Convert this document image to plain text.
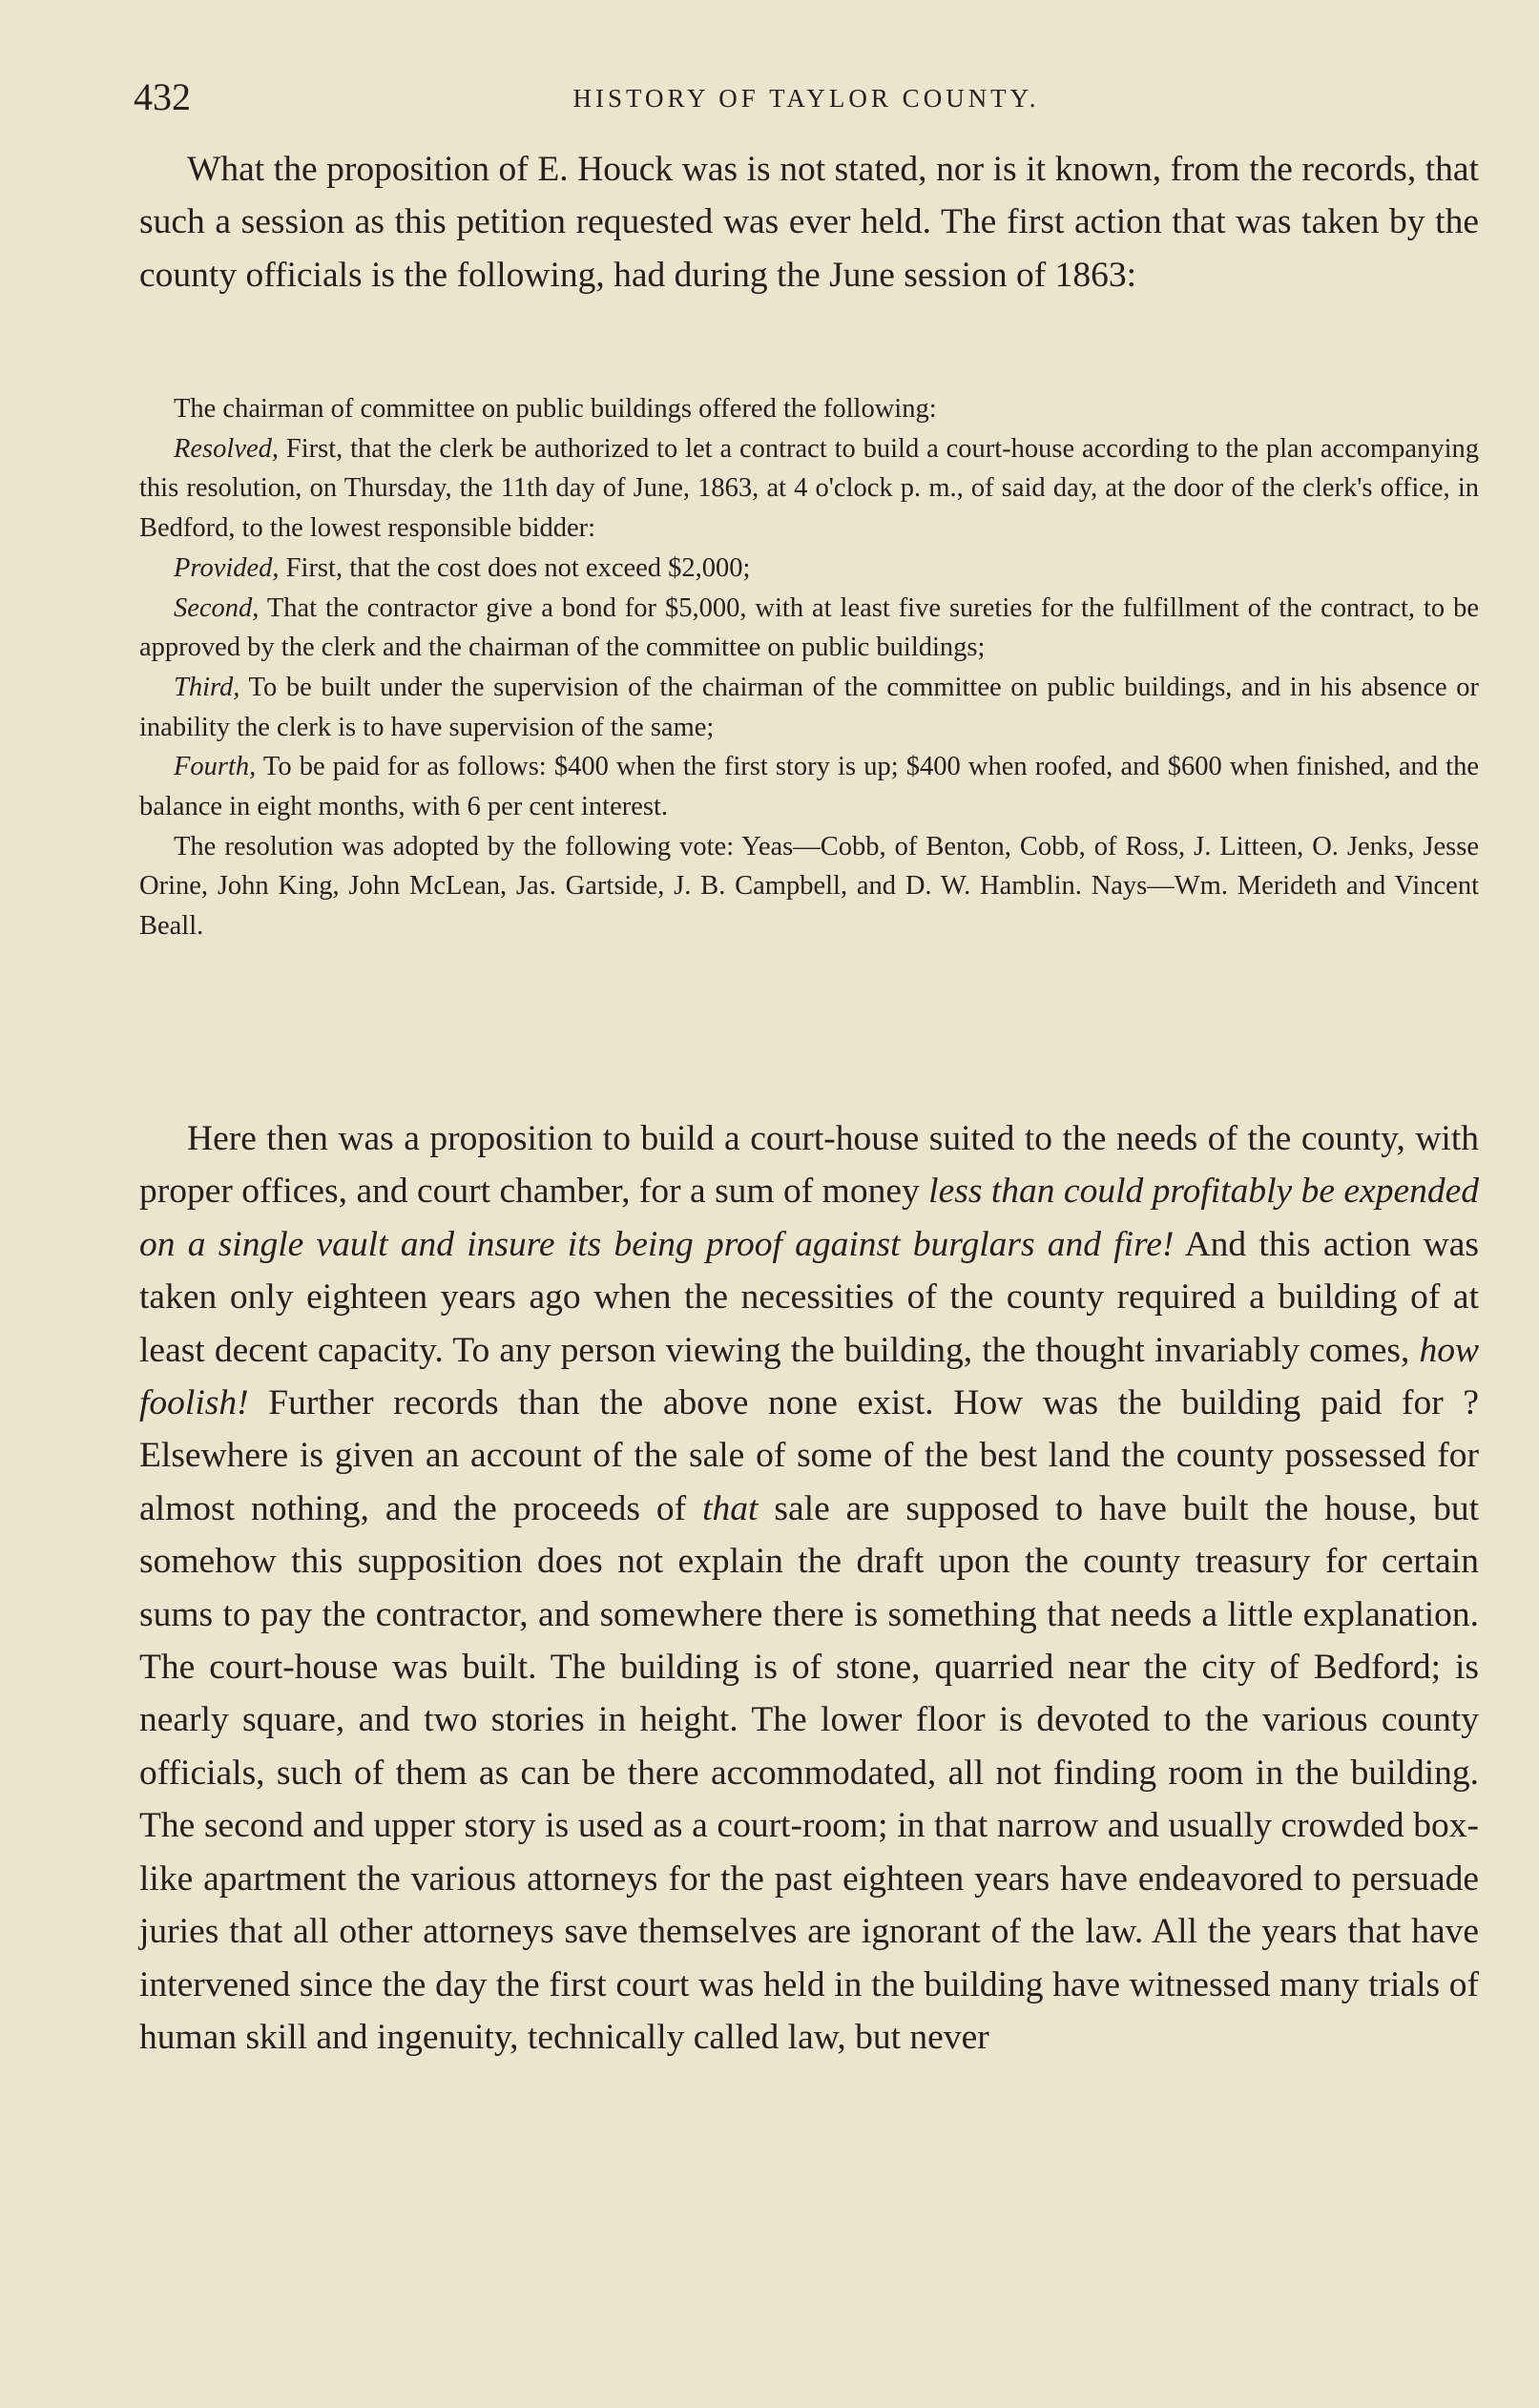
432	HISTORY OF TAYLOR COUNTY.

What the proposition of E. Houck was is not stated, nor is it known, from the records, that such a session as this petition requested was ever held. The first action that was taken by the county officials is the following, had during the June session of 1863:

The chairman of committee on public buildings offered the following:

Resolved, First, that the clerk be authorized to let a contract to build a court-house according to the plan accompanying this resolution, on Thursday, the 11th day of June, 1863, at 4 o'clock p. m., of said day, at the door of the clerk's office, in Bedford, to the lowest responsible bidder:

Provided, First, that the cost does not exceed $2,000;

Second, That the contractor give a bond for $5,000, with at least five sureties for the fulfillment of the contract, to be approved by the clerk and the chairman of the committee on public buildings;

Third, To be built under the supervision of the chairman of the committee on public buildings, and in his absence or inability the clerk is to have supervision of the same;

Fourth, To be paid for as follows: $400 when the first story is up; $400 when roofed, and $600 when finished, and the balance in eight months, with 6 per cent interest.

The resolution was adopted by the following vote: Yeas—Cobb, of Benton, Cobb, of Ross, J. Litteen, O. Jenks, Jesse Orine, John King, John McLean, Jas. Gartside, J. B. Campbell, and D. W. Hamblin. Nays—Wm. Merideth and Vincent Beall.

Here then was a proposition to build a court-house suited to the needs of the county, with proper offices, and court chamber, for a sum of money less than could profitably be expended on a single vault and insure its being proof against burglars and fire! And this action was taken only eighteen years ago when the necessities of the county required a building of at least decent capacity. To any person viewing the building, the thought invariably comes, how foolish! Further records than the above none exist. How was the building paid for ? Elsewhere is given an account of the sale of some of the best land the county possessed for almost nothing, and the proceeds of that sale are supposed to have built the house, but somehow this supposition does not explain the draft upon the county treasury for certain sums to pay the contractor, and somewhere there is something that needs a little explanation. The court-house was built. The building is of stone, quarried near the city of Bedford; is nearly square, and two stories in height. The lower floor is devoted to the various county officials, such of them as can be there accommodated, all not finding room in the building. The second and upper story is used as a court-room; in that narrow and usually crowded box-like apartment the various attorneys for the past eighteen years have endeavored to persuade juries that all other attorneys save themselves are ignorant of the law. All the years that have intervened since the day the first court was held in the building have witnessed many trials of human skill and ingenuity, technically called law, but never
